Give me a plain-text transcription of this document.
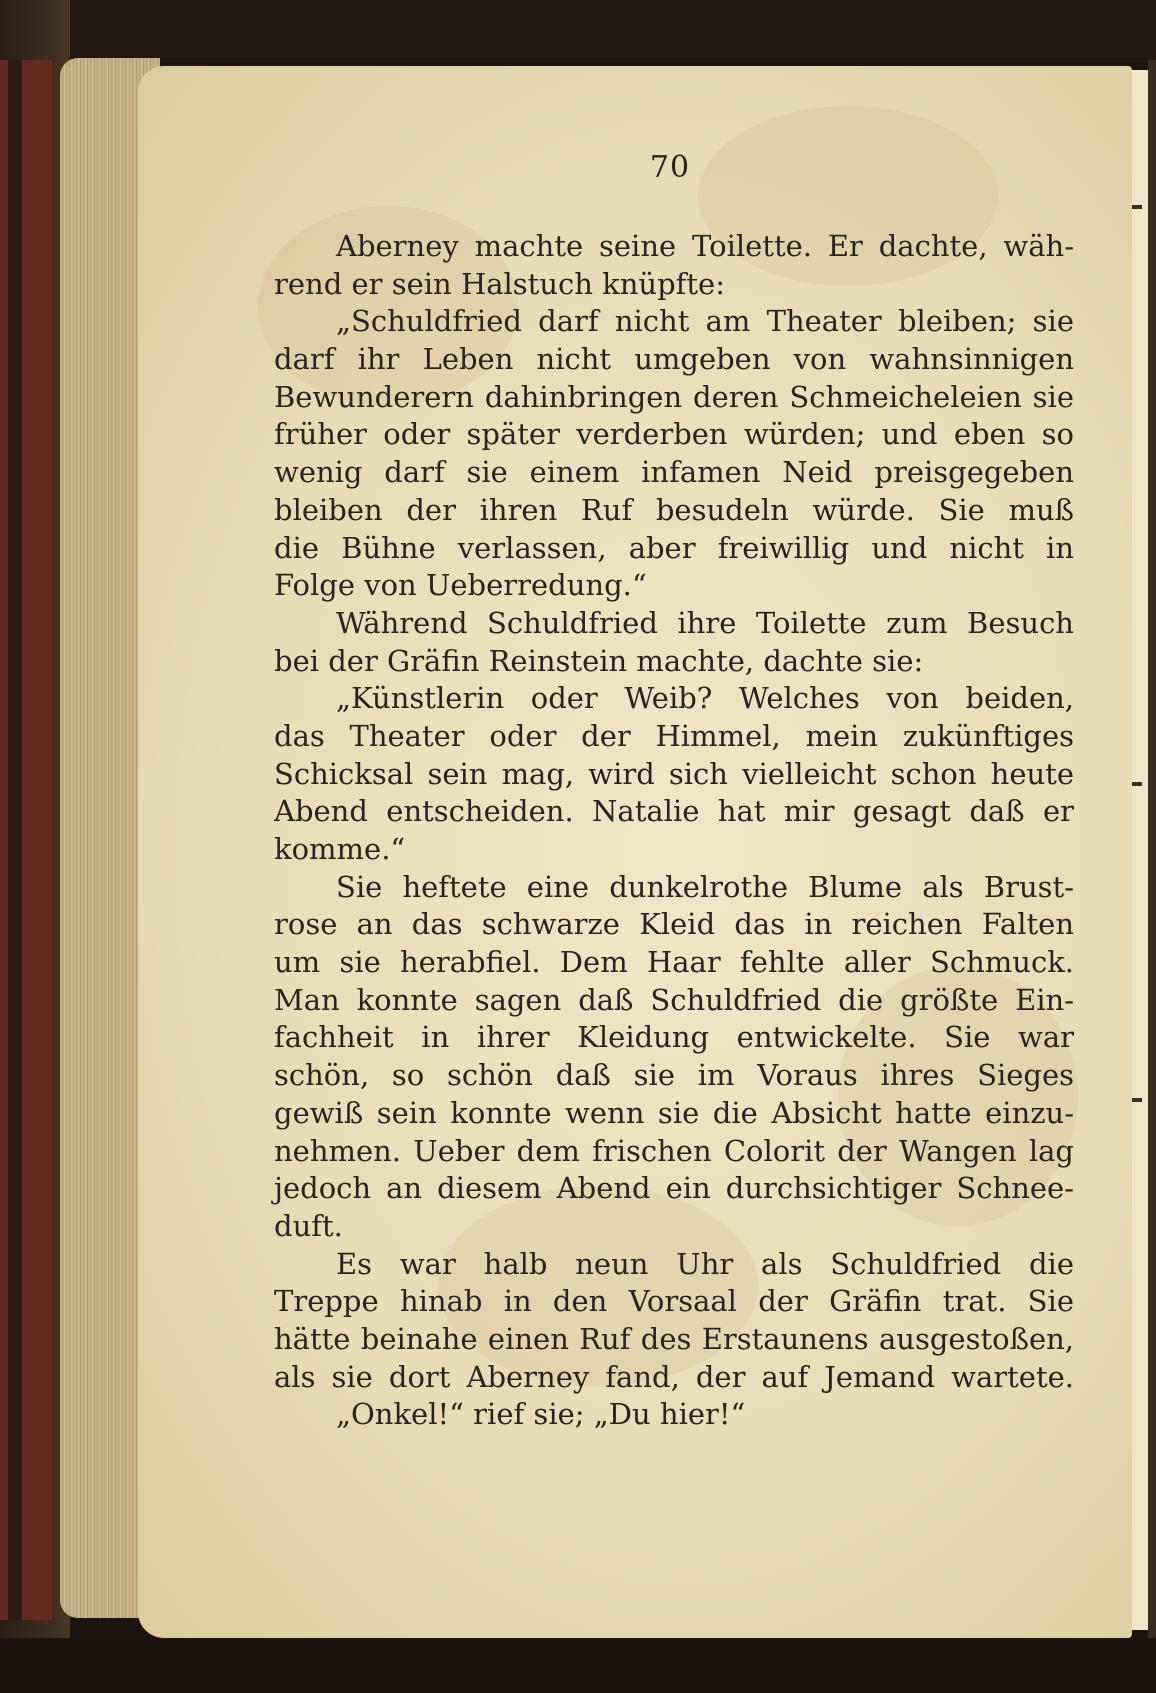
70
Aberney machte seine Toilette. Er dachte, wäh-
rend er sein Halstuch knüpfte:
„Schuldfried darf nicht am Theater bleiben; sie
darf ihr Leben nicht umgeben von wahnsinnigen
Bewunderern dahinbringen deren Schmeicheleien sie
früher oder später verderben würden; und eben so
wenig darf sie einem infamen Neid preisgegeben
bleiben der ihren Ruf besudeln würde. Sie muß
die Bühne verlassen, aber freiwillig und nicht in
Folge von Ueberredung.“
Während Schuldfried ihre Toilette zum Besuch
bei der Gräfin Reinstein machte, dachte sie:
„Künstlerin oder Weib? Welches von beiden,
das Theater oder der Himmel, mein zukünftiges
Schicksal sein mag, wird sich vielleicht schon heute
Abend entscheiden. Natalie hat mir gesagt daß er
komme.“
Sie heftete eine dunkelrothe Blume als Brust-
rose an das schwarze Kleid das in reichen Falten
um sie herabfiel. Dem Haar fehlte aller Schmuck.
Man konnte sagen daß Schuldfried die größte Ein-
fachheit in ihrer Kleidung entwickelte. Sie war
schön, so schön daß sie im Voraus ihres Sieges
gewiß sein konnte wenn sie die Absicht hatte einzu-
nehmen. Ueber dem frischen Colorit der Wangen lag
jedoch an diesem Abend ein durchsichtiger Schnee-
duft.
Es war halb neun Uhr als Schuldfried die
Treppe hinab in den Vorsaal der Gräfin trat. Sie
hätte beinahe einen Ruf des Erstaunens ausgestoßen,
als sie dort Aberney fand, der auf Jemand wartete.
„Onkel!“ rief sie; „Du hier!“
